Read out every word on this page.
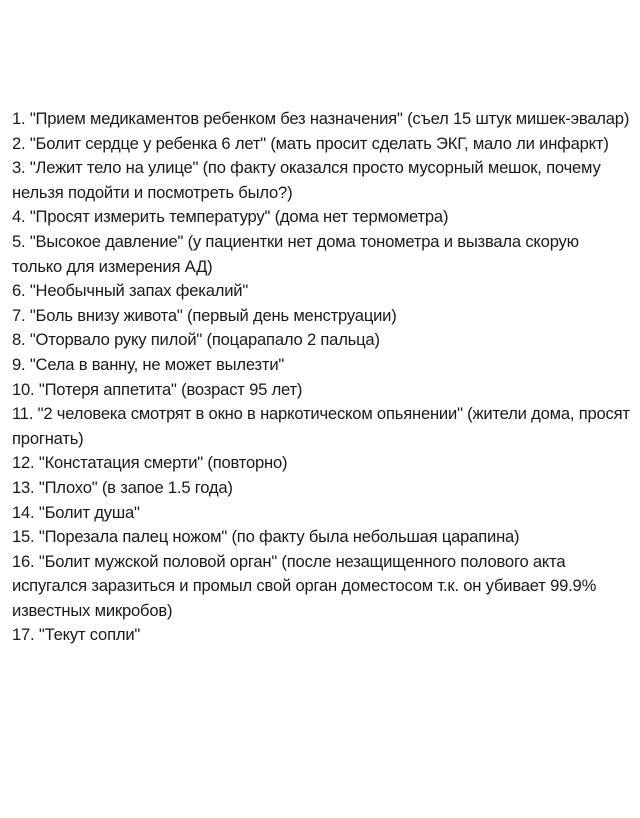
1. "Прием медикаментов ребенком без назначения" (съел 15 штук мишек-эвалар)

2. "Болит сердце у ребенка 6 лет" (мать просит сделать ЭКГ, мало ли инфаркт)

3. "Лежит тело на улице" (по факту оказался просто мусорный мешок, почему нельзя подойти и посмотреть было?)

4. "Просят измерить температуру" (дома нет термометра)

5. "Высокое давление" (у пациентки нет дома тонометра и вызвала скорую только для измерения АД)

6. "Необычный запах фекалий"

7. "Боль внизу живота" (первый день менструации)

8. "Оторвало руку пилой" (поцарапало 2 пальца)

9. "Села в ванну, не может вылезти"

10. "Потеря аппетита" (возраст 95 лет)

11. "2 человека смотрят в окно в наркотическом опьянении" (жители дома, просят прогнать)

12. "Констатация смерти" (повторно)

13. "Плохо" (в запое 1.5 года)

14. "Болит душа"

15. "Порезала палец ножом" (по факту была небольшая царапина)

16. "Болит мужской половой орган" (после незащищенного полового акта испугался заразиться и промыл свой орган доместосом т.к. он убивает 99.9% известных микробов)

17. "Текут сопли"
